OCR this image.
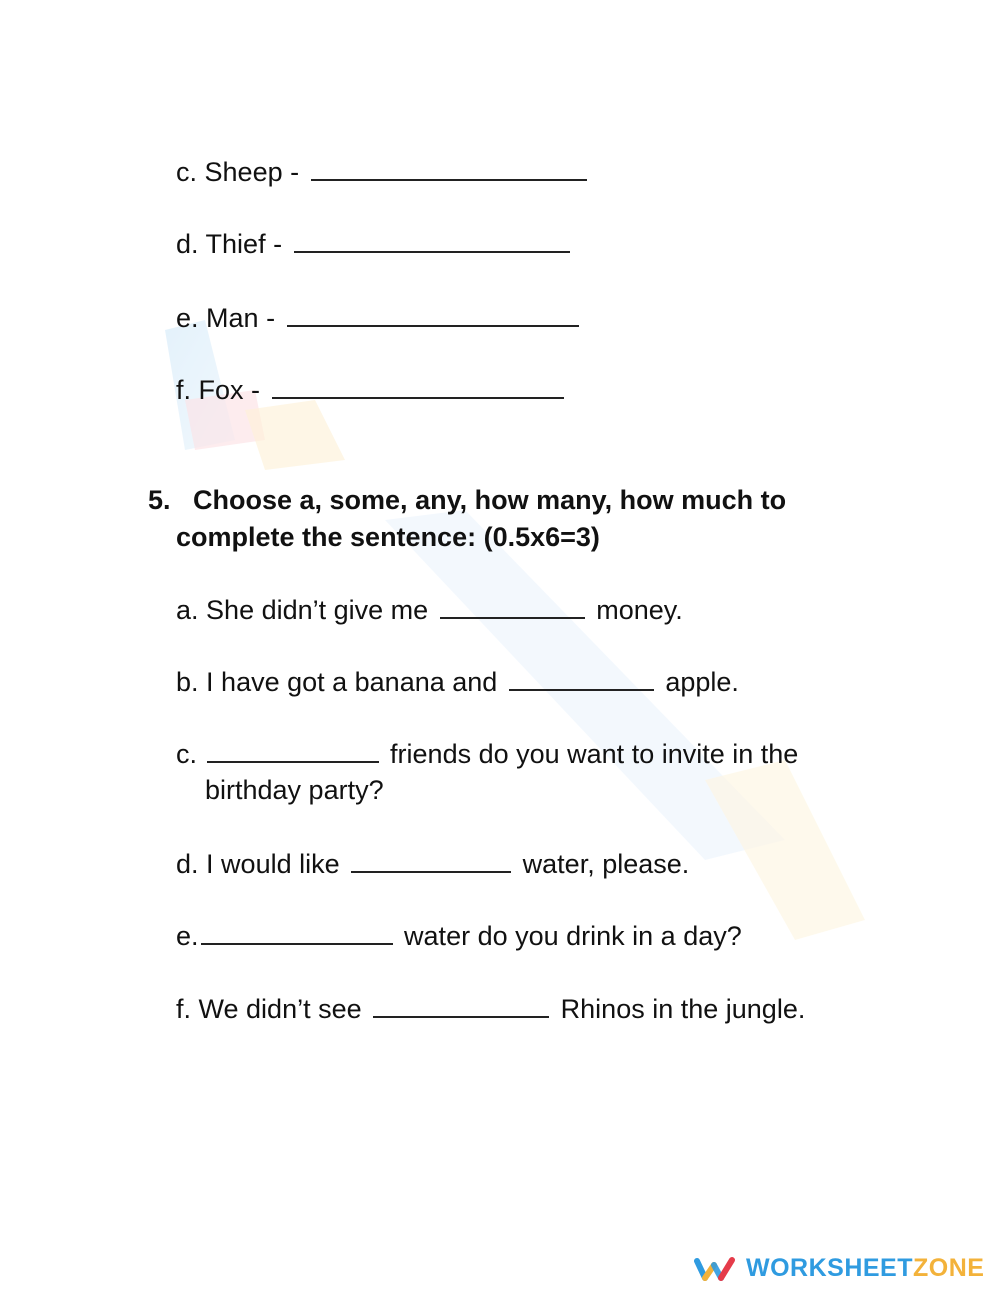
c. Sheep -
d. Thief -
e. Man -
f. Fox -
5. Choose a, some, any, how many, how much to
complete the sentence: (0.5x6=3)
a. She didn’t give me	money.
b. I have got a banana and	apple.
c.	friends do you want to invite in the
birthday party?
d. I would like	water, please.
e.	water do you drink in a day?
f. We didn’t see	Rhinos in the jungle.
WORKSHEETZONE
